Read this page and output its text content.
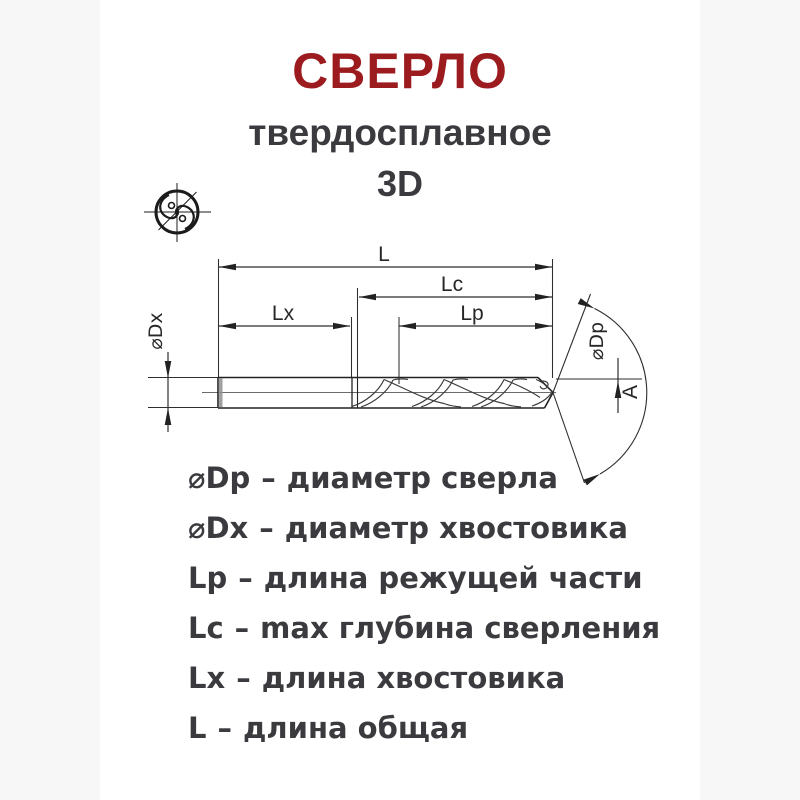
СВЕРЛО
твердосплавное
3D
L
Lc
Lx	Lp
⌀Dx	⌀Dp
A
⌀Dp – диаметр сверла
⌀Dx – диаметр хвостовика
Lp – длина режущей части
Lc – max глубина сверления
Lx – длина хвостовика
L – длина общая
